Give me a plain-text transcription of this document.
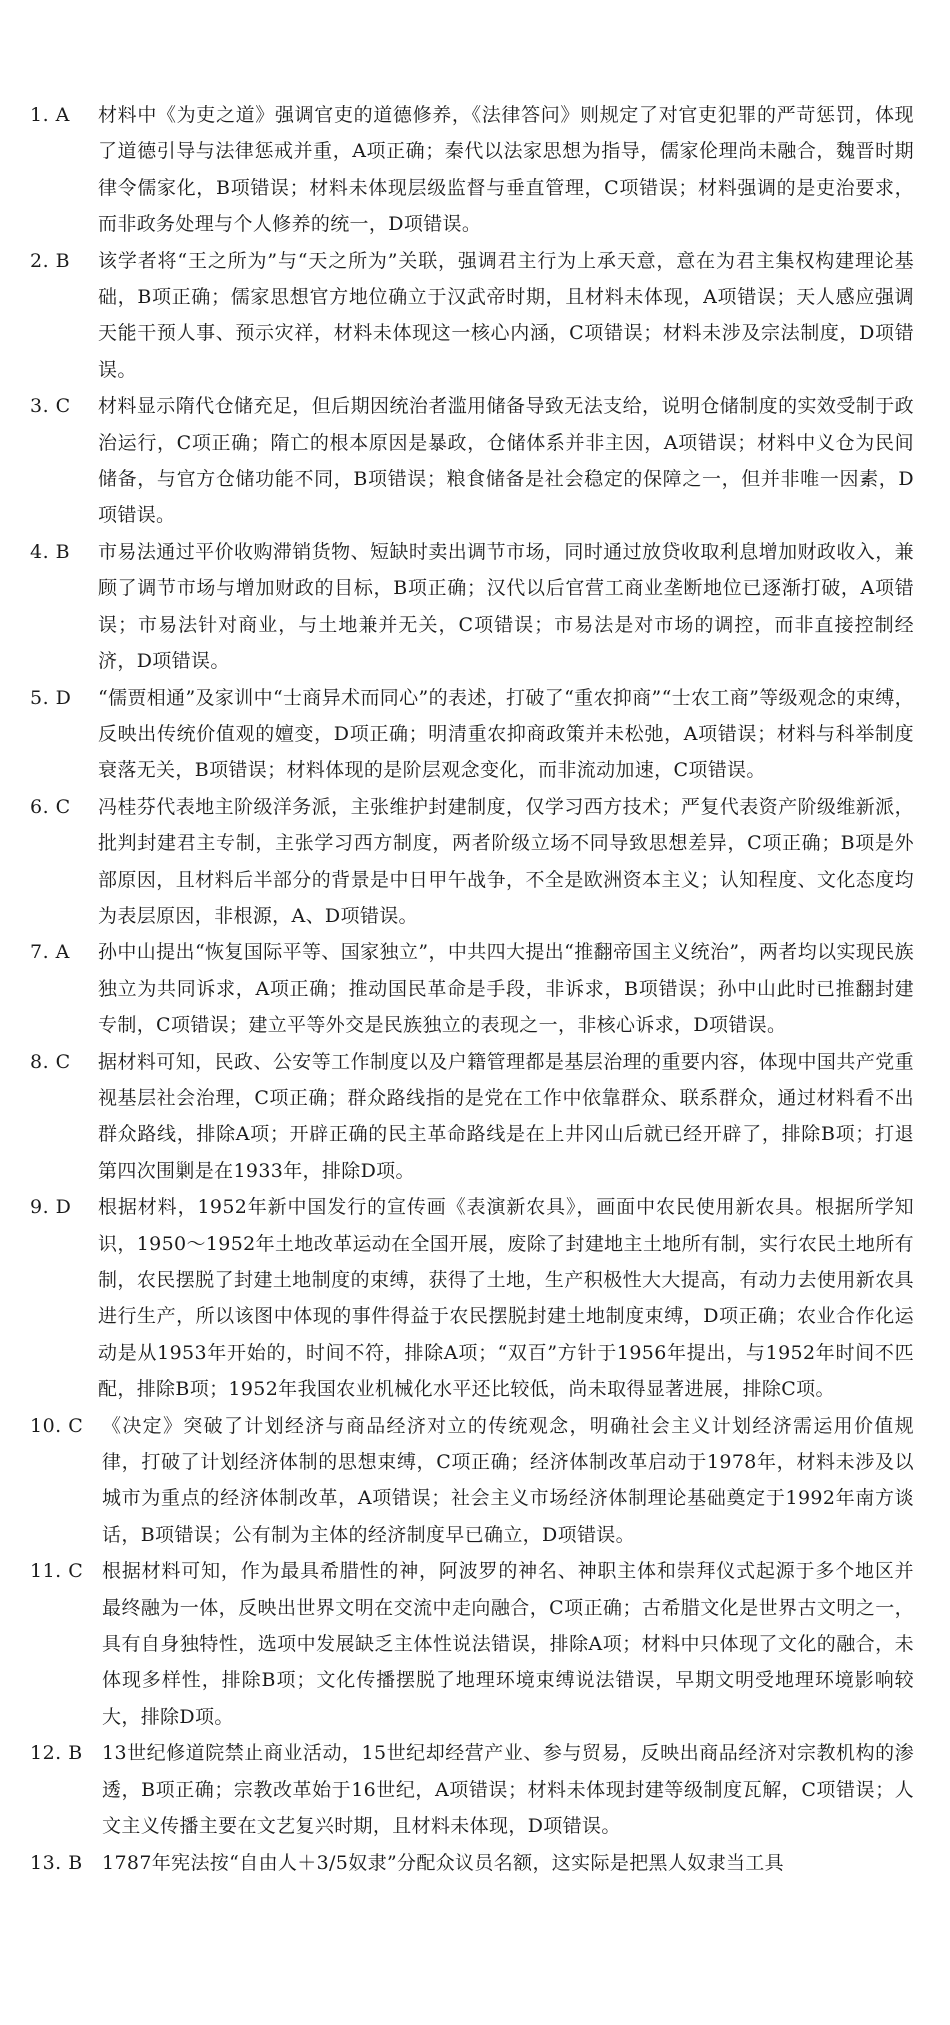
1. A	材料中《为吏之道》强调官吏的道德修养，《法律答问》则规定了对官吏犯罪的严苛惩罚，体现了道德引导与法律惩戒并重，A项正确；秦代以法家思想为指导，儒家伦理尚未融合，魏晋时期律令儒家化，B项错误；材料未体现层级监督与垂直管理，C项错误；材料强调的是吏治要求，而非政务处理与个人修养的统一，D项错误。
2. B	该学者将“王之所为”与“天之所为”关联，强调君主行为上承天意，意在为君主集权构建理论基础，B项正确；儒家思想官方地位确立于汉武帝时期，且材料未体现，A项错误；天人感应强调天能干预人事、预示灾祥，材料未体现这一核心内涵，C项错误；材料未涉及宗法制度，D项错误。
3. C	材料显示隋代仓储充足，但后期因统治者滥用储备导致无法支给，说明仓储制度的实效受制于政治运行，C项正确；隋亡的根本原因是暴政，仓储体系并非主因，A项错误；材料中义仓为民间储备，与官方仓储功能不同，B项错误；粮食储备是社会稳定的保障之一，但并非唯一因素，D项错误。
4. B	市易法通过平价收购滞销货物、短缺时卖出调节市场，同时通过放贷收取利息增加财政收入，兼顾了调节市场与增加财政的目标，B项正确；汉代以后官营工商业垄断地位已逐渐打破，A项错误；市易法针对商业，与土地兼并无关，C项错误；市易法是对市场的调控，而非直接控制经济，D项错误。
5. D	“儒贾相通”及家训中“士商异术而同心”的表述，打破了“重农抑商”“士农工商”等级观念的束缚，反映出传统价值观的嬗变，D项正确；明清重农抑商政策并未松弛，A项错误；材料与科举制度衰落无关，B项错误；材料体现的是阶层观念变化，而非流动加速，C项错误。
6. C	冯桂芬代表地主阶级洋务派，主张维护封建制度，仅学习西方技术；严复代表资产阶级维新派，批判封建君主专制，主张学习西方制度，两者阶级立场不同导致思想差异，C项正确；B项是外部原因，且材料后半部分的背景是中日甲午战争，不全是欧洲资本主义；认知程度、文化态度均为表层原因，非根源，A、D项错误。
7. A	孙中山提出“恢复国际平等、国家独立”，中共四大提出“推翻帝国主义统治”，两者均以实现民族独立为共同诉求，A项正确；推动国民革命是手段，非诉求，B项错误；孙中山此时已推翻封建专制，C项错误；建立平等外交是民族独立的表现之一，非核心诉求，D项错误。
8. C	据材料可知，民政、公安等工作制度以及户籍管理都是基层治理的重要内容，体现中国共产党重视基层社会治理，C项正确；群众路线指的是党在工作中依靠群众、联系群众，通过材料看不出群众路线，排除A项；开辟正确的民主革命路线是在上井冈山后就已经开辟了，排除B项；打退第四次围剿是在1933年，排除D项。
9. D	根据材料，1952年新中国发行的宣传画《表演新农具》，画面中农民使用新农具。根据所学知识，1950～1952年土地改革运动在全国开展，废除了封建地主土地所有制，实行农民土地所有制，农民摆脱了封建土地制度的束缚，获得了土地，生产积极性大大提高，有动力去使用新农具进行生产，所以该图中体现的事件得益于农民摆脱封建土地制度束缚，D项正确；农业合作化运动是从1953年开始的，时间不符，排除A项；“双百”方针于1956年提出，与1952年时间不匹配，排除B项；1952年我国农业机械化水平还比较低，尚未取得显著进展，排除C项。
10. C 《决定》突破了计划经济与商品经济对立的传统观念，明确社会主义计划经济需运用价值规律，打破了计划经济体制的思想束缚，C项正确；经济体制改革启动于1978年，材料未涉及以城市为重点的经济体制改革，A项错误；社会主义市场经济体制理论基础奠定于1992年南方谈话，B项错误；公有制为主体的经济制度早已确立，D项错误。
11. C 根据材料可知，作为最具希腊性的神，阿波罗的神名、神职主体和崇拜仪式起源于多个地区并最终融为一体，反映出世界文明在交流中走向融合，C项正确；古希腊文化是世界古文明之一，具有自身独特性，选项中发展缺乏主体性说法错误，排除A项；材料中只体现了文化的融合，未体现多样性，排除B项；文化传播摆脱了地理环境束缚说法错误，早期文明受地理环境影响较大，排除D项。
12. B	13世纪修道院禁止商业活动，15世纪却经营产业、参与贸易，反映出商品经济对宗教机构的渗透，B项正确；宗教改革始于16世纪，A项错误；材料未体现封建等级制度瓦解，C项错误；人文主义传播主要在文艺复兴时期，且材料未体现，D项错误。
13. B	1787年宪法按“自由人＋3/5奴隶”分配众议员名额，这实际是把黑人奴隶当工具
